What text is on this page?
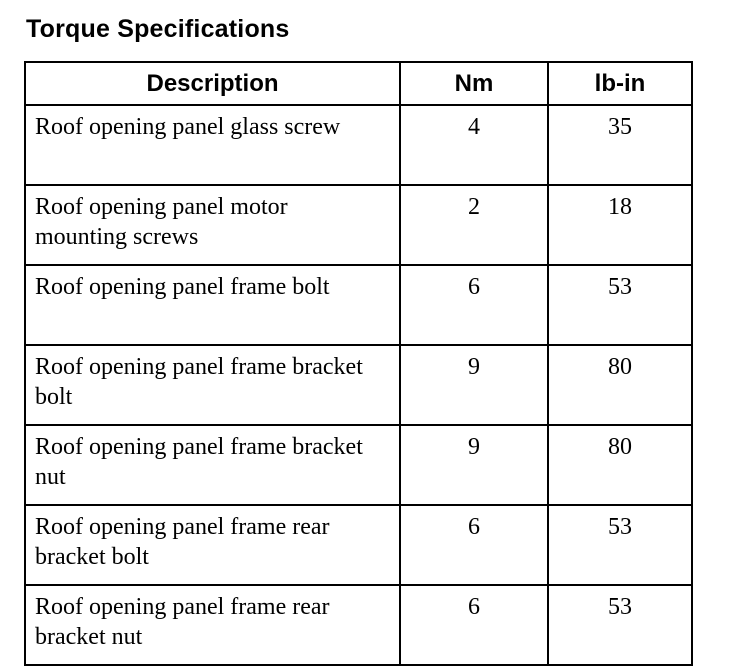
Torque Specifications
Description	Nm	lb-in
Roof opening panel glass screw	4	35
Roof opening panel motor mounting screws	2	18
Roof opening panel frame bolt	6	53
Roof opening panel frame bracket bolt	9	80
Roof opening panel frame bracket nut	9	80
Roof opening panel frame rear bracket bolt	6	53
Roof opening panel frame rear bracket nut	6	53
